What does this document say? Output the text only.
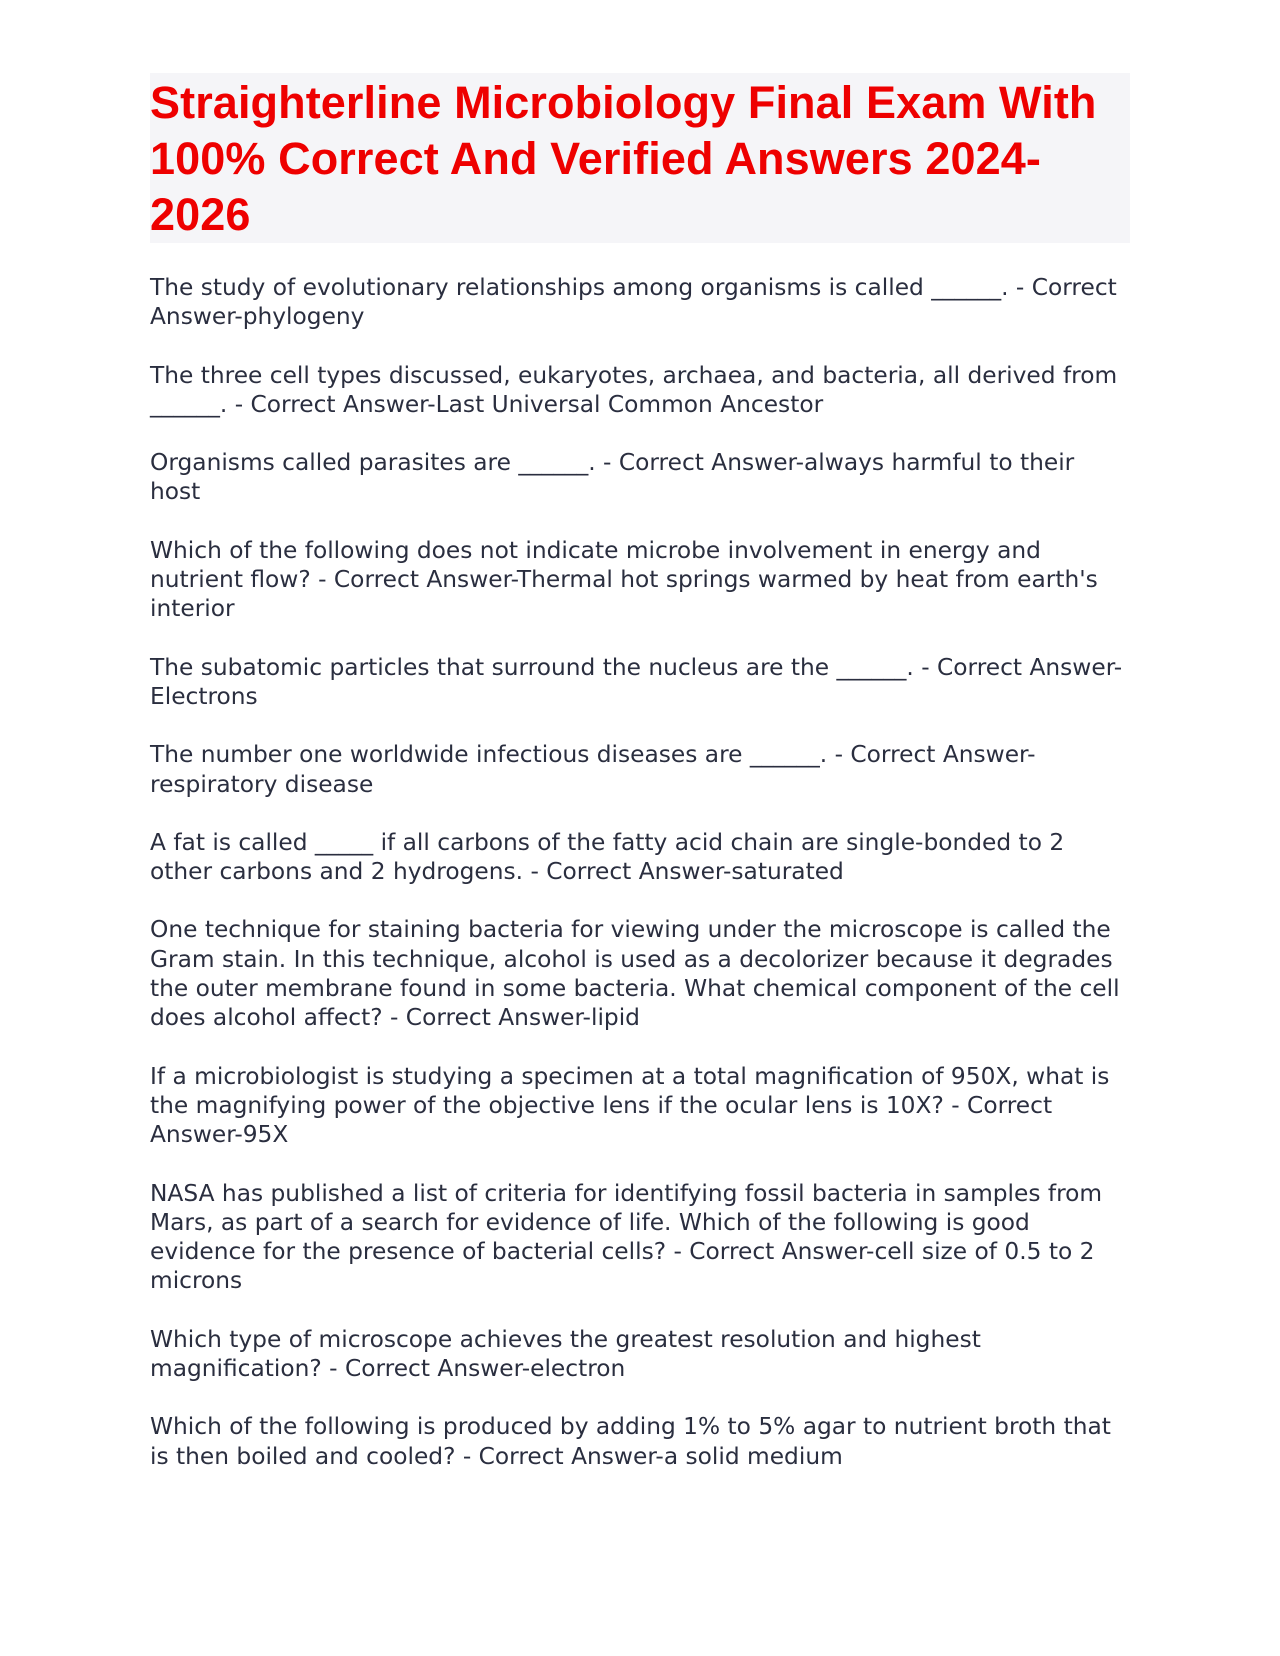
Straighterline Microbiology Final Exam With 100% Correct And Verified Answers 2024-2026

The study of evolutionary relationships among organisms is called ______. - Correct Answer-phylogeny

The three cell types discussed, eukaryotes, archaea, and bacteria, all derived from ______. - Correct Answer-Last Universal Common Ancestor

Organisms called parasites are ______. - Correct Answer-always harmful to their host

Which of the following does not indicate microbe involvement in energy and nutrient flow? - Correct Answer-Thermal hot springs warmed by heat from earth's interior

The subatomic particles that surround the nucleus are the ______. - Correct Answer-Electrons

The number one worldwide infectious diseases are ______. - Correct Answer-respiratory disease

A fat is called _____ if all carbons of the fatty acid chain are single-bonded to 2 other carbons and 2 hydrogens. - Correct Answer-saturated

One technique for staining bacteria for viewing under the microscope is called the Gram stain. In this technique, alcohol is used as a decolorizer because it degrades the outer membrane found in some bacteria. What chemical component of the cell does alcohol affect? - Correct Answer-lipid

If a microbiologist is studying a specimen at a total magnification of 950X, what is the magnifying power of the objective lens if the ocular lens is 10X? - Correct Answer-95X

NASA has published a list of criteria for identifying fossil bacteria in samples from Mars, as part of a search for evidence of life. Which of the following is good evidence for the presence of bacterial cells? - Correct Answer-cell size of 0.5 to 2 microns

Which type of microscope achieves the greatest resolution and highest magnification? - Correct Answer-electron

Which of the following is produced by adding 1% to 5% agar to nutrient broth that is then boiled and cooled? - Correct Answer-a solid medium
